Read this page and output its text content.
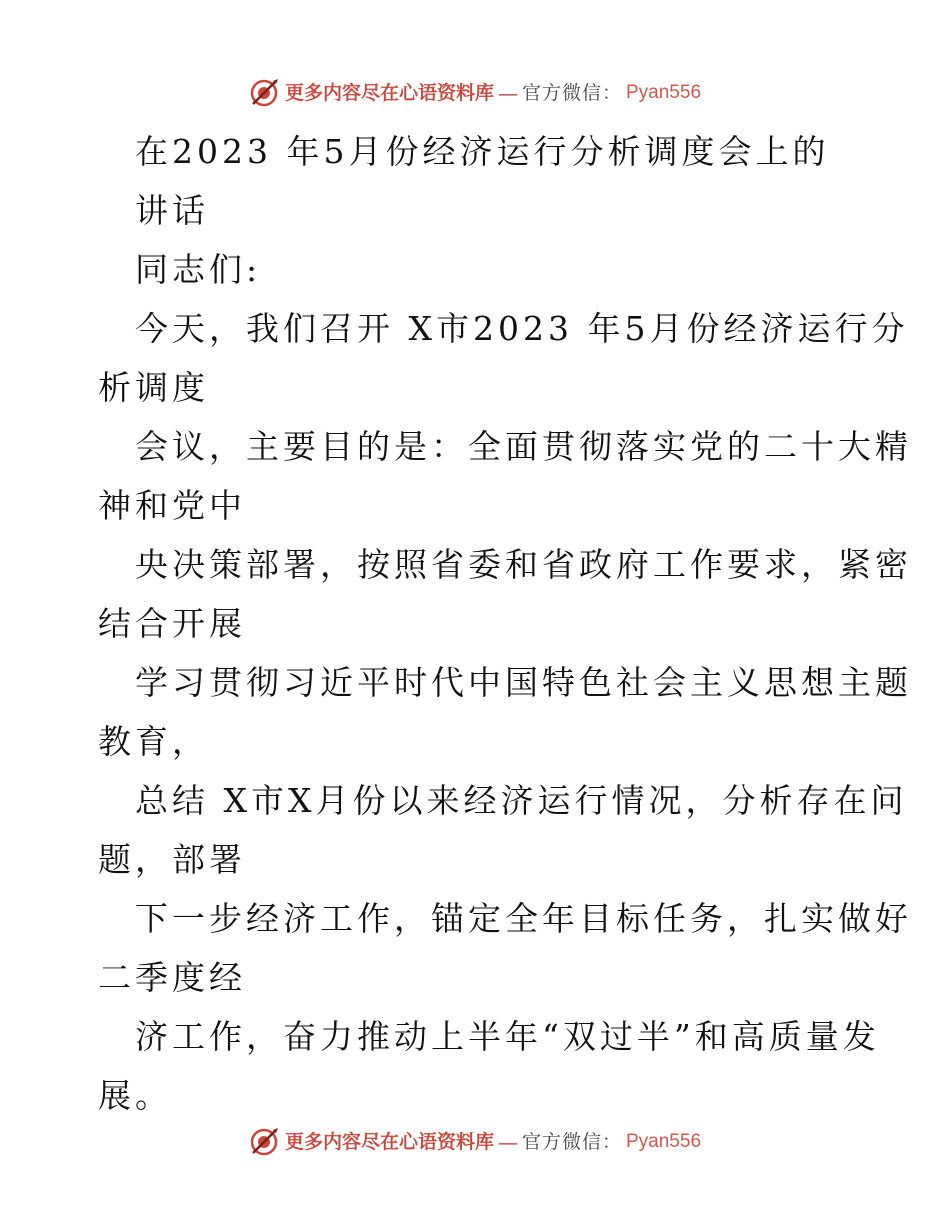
更多内容尽在心语资料库 — 官方微信： Pyan556
在2023 年5月份经济运行分析调度会上的
讲话
同志们:
今天，我们召开 X市2023 年5月份经济运行分
析调度
会议，主要目的是：全面贯彻落实党的二十大精
神和党中
央决策部署，按照省委和省政府工作要求，紧密
结合开展
学习贯彻习近平时代中国特色社会主义思想主题
教育，
总结 X市X月份以来经济运行情况，分析存在问
题，部署
下一步经济工作，锚定全年目标任务，扎实做好
二季度经
济工作，奋力推动上半年“双过半”和高质量发
展。
更多内容尽在心语资料库 — 官方微信： Pyan556
